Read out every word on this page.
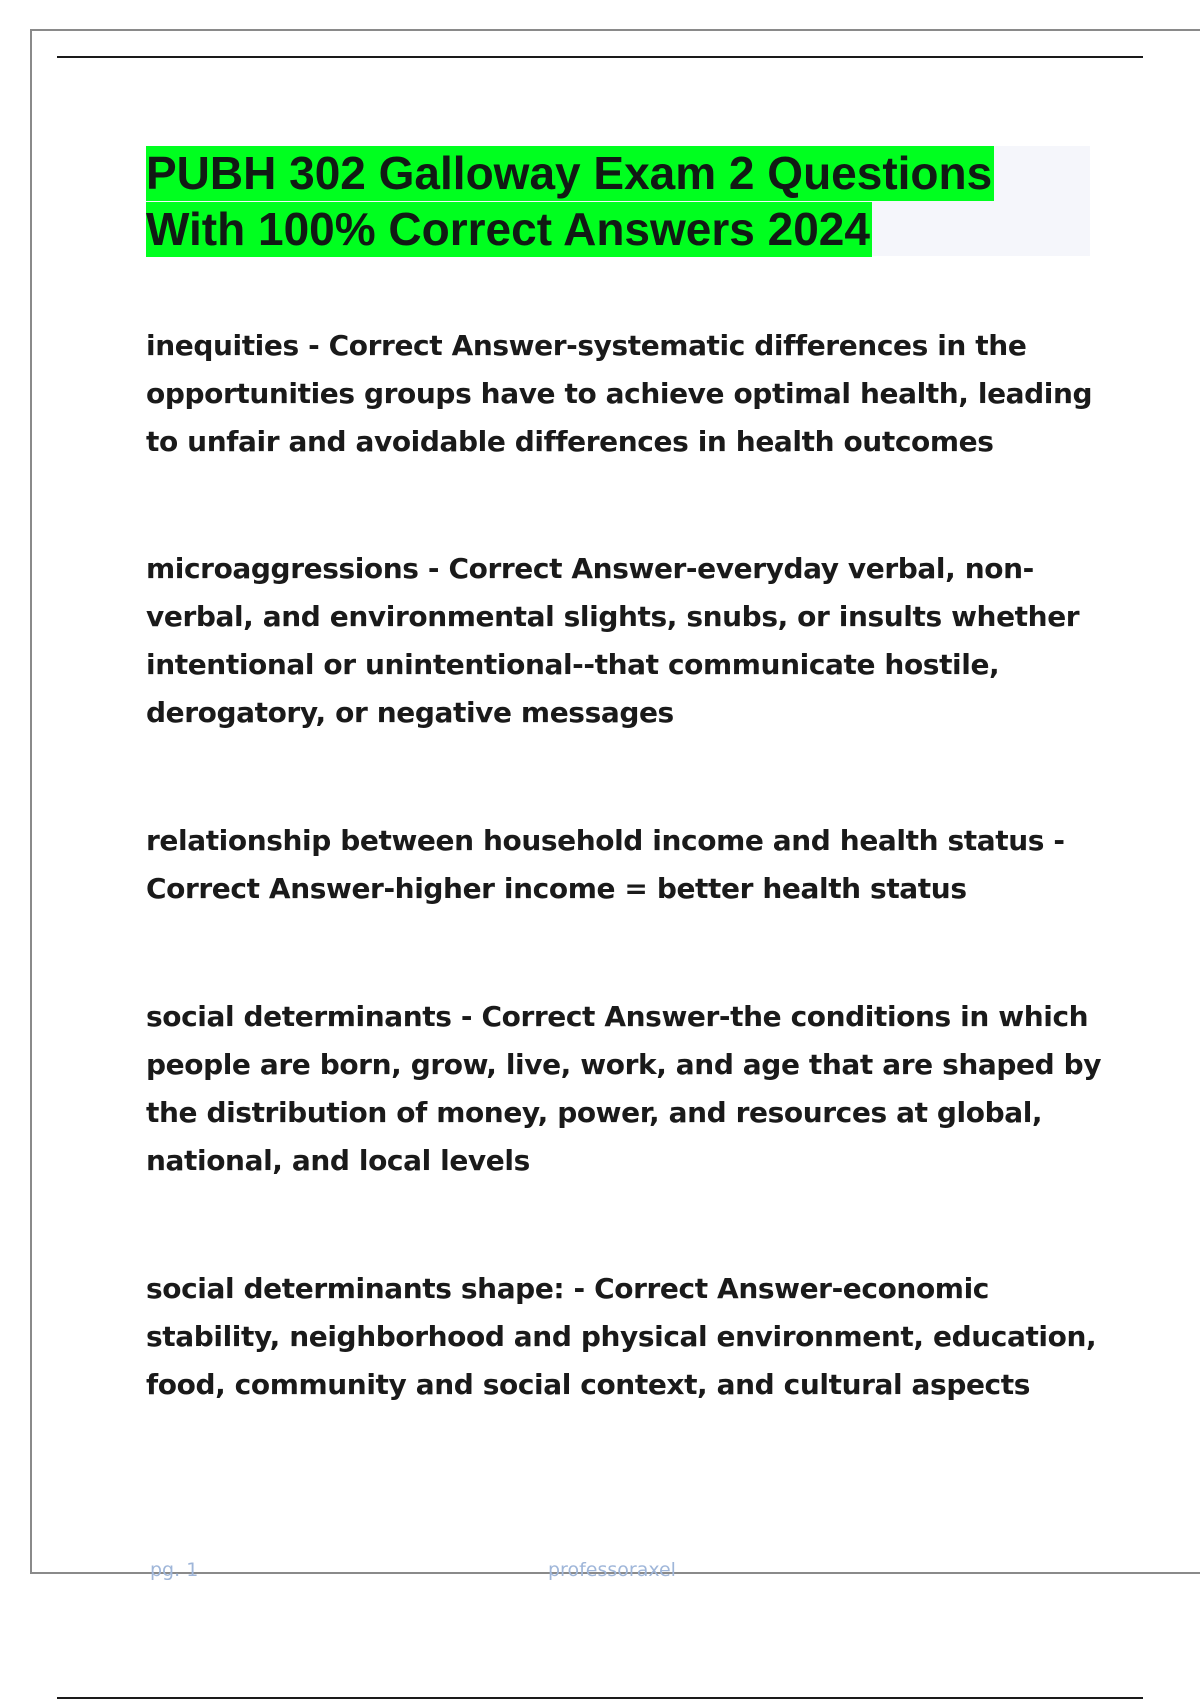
PUBH 302 Galloway Exam 2 Questions
With 100% Correct Answers 2024
inequities - Correct Answer-systematic differences in the
opportunities groups have to achieve optimal health, leading
to unfair and avoidable differences in health outcomes
microaggressions - Correct Answer-everyday verbal, non-
verbal, and environmental slights, snubs, or insults whether
intentional or unintentional--that communicate hostile,
derogatory, or negative messages
relationship between household income and health status -
Correct Answer-higher income = better health status
social determinants - Correct Answer-the conditions in which
people are born, grow, live, work, and age that are shaped by
the distribution of money, power, and resources at global,
national, and local levels
social determinants shape: - Correct Answer-economic
stability, neighborhood and physical environment, education,
food, community and social context, and cultural aspects
pg. 1	professoraxel
